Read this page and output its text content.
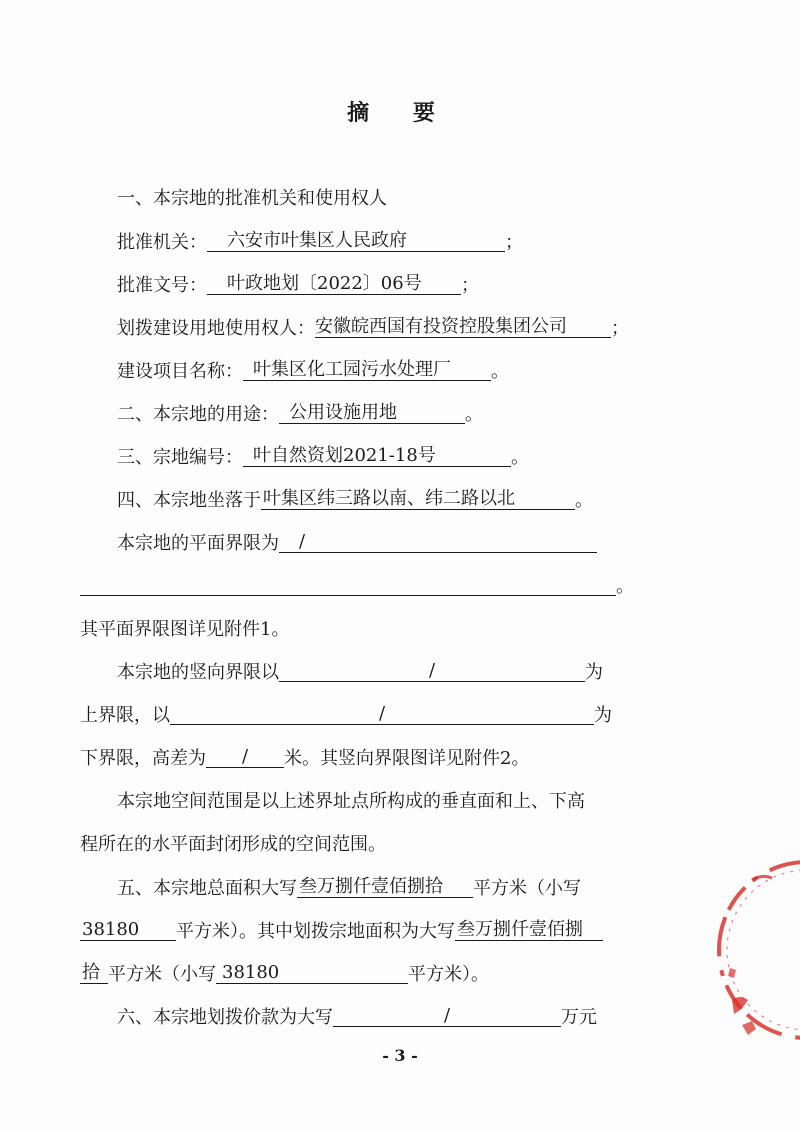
摘 要
一、本宗地的批准机关和使用权人
批准机关： 六安市叶集区人民政府	；
批准文号： 叶政地划〔2022〕06号 ；
划拨建设用地使用权人：安徽皖西国有投资控股集团公司 ；
建设项目名称： 叶集区化工园污水处理厂 。
二、本宗地的用途： 公用设施用地	。
三、宗地编号： 叶自然资划2021-18号	。
四、本宗地坐落于 叶集区纬三路以南、纬二路以北	。
本宗地的平面界限为 /
。
其平面界限图详见附件1。
本宗地的竖向界限以	/	为
上界限，以	/	为
下界限，高差为 / 米。其竖向界限图详见附件2。
本宗地空间范围是以上述界址点所构成的垂直面和上、下高
程所在的水平面封闭形成的空间范围。
五、本宗地总面积大写 叁万捌仟壹佰捌拾 平方米（小写
38180 平方米）。其中划拨宗地面积为大写 叁万捌仟壹佰捌
拾 平方米（小写 38180	平方米）。
六、本宗地划拨价款为大写	/	万元
- 3 -
